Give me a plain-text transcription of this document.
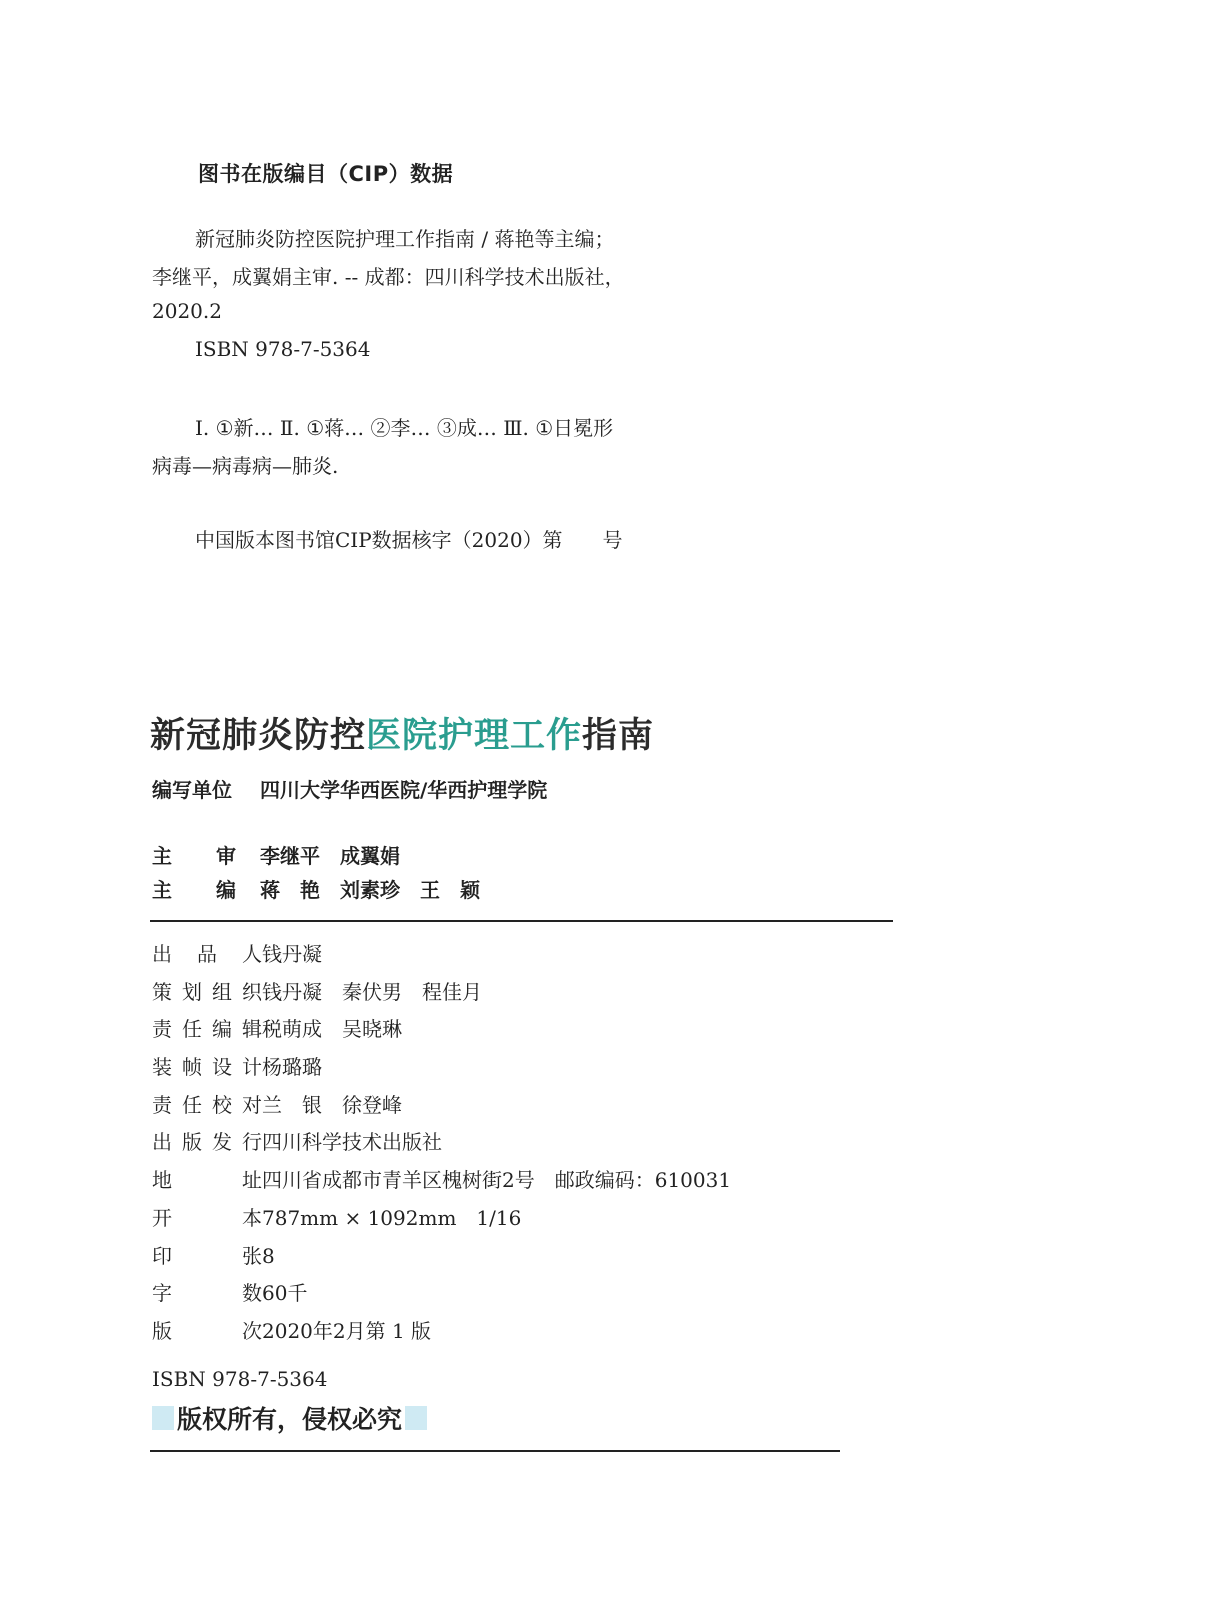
图书在版编目（CIP）数据
新冠肺炎防控医院护理工作指南 / 蒋艳等主编；
李继平，成翼娟主审. -- 成都：四川科学技术出版社，
2020.2
ISBN 978-7-5364
Ⅰ. ①新… Ⅱ. ①蒋… ②李… ③成… Ⅲ. ①日冕形
病毒—病毒病—肺炎.
中国版本图书馆CIP数据核字（2020）第　　号
新冠肺炎防控医院护理工作指南
编写单位 四川大学华西医院/华西护理学院
主审李继平　成翼娟
主编蒋　艳　刘素珍　王　颖
出品人钱丹凝
策划组织钱丹凝　秦伏男　程佳月
责任编辑税萌成　吴晓琳
装帧设计杨璐璐
责任校对兰　银　徐登峰
出版发行四川科学技术出版社
地址四川省成都市青羊区槐树街2号　邮政编码：610031
开本787mm × 1092mm　1/16
印张8
字数60千
版次2020年2月第 1 版
ISBN 978-7-5364
版权所有，侵权必究
